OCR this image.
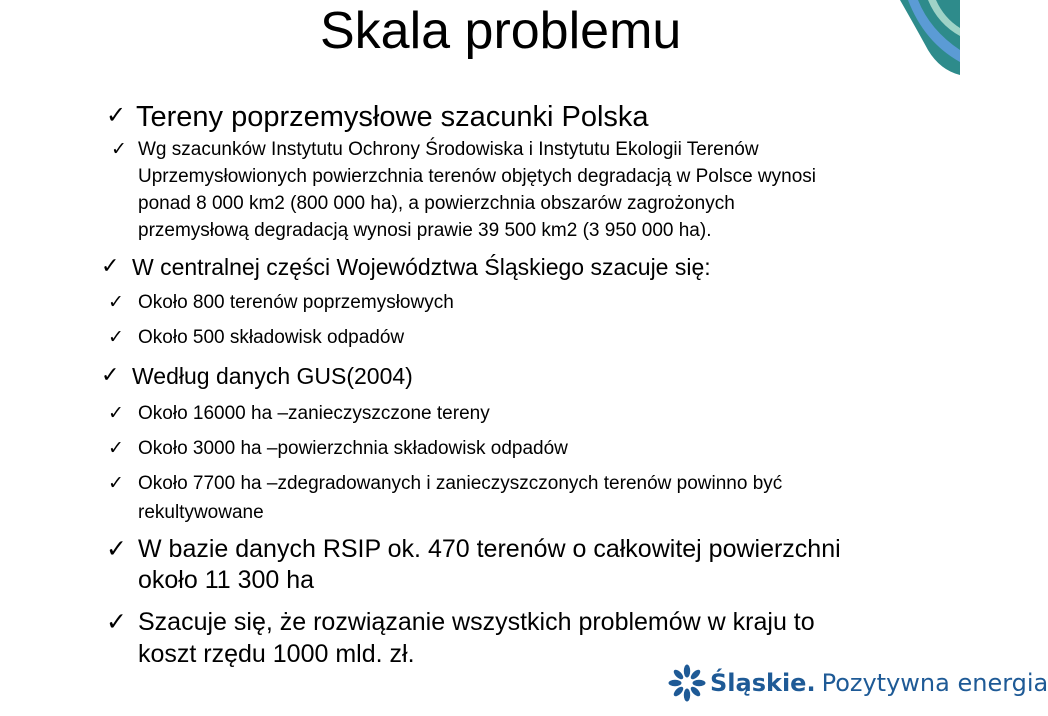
Skala problemu
✓ Tereny poprzemysłowe szacunki Polska
✓ Wg szacunków Instytutu Ochrony Środowiska i Instytutu Ekologii Terenów
Uprzemysłowionych powierzchnia terenów objętych degradacją w Polsce wynosi
ponad 8 000 km2 (800 000 ha), a powierzchnia obszarów zagrożonych
przemysłową degradacją wynosi prawie 39 500 km2 (3 950 000 ha).
✓ W centralnej części Województwa Śląskiego szacuje się:
✓ Około 800 terenów poprzemysłowych
✓ Około 500 składowisk odpadów
✓ Według danych GUS(2004)
✓ Około 16000 ha –zanieczyszczone tereny
✓ Około 3000 ha –powierzchnia składowisk odpadów
✓ Około 7700 ha –zdegradowanych i zanieczyszczonych terenów powinno być
rekultywowane
✓ W bazie danych RSIP ok. 470 terenów o całkowitej powierzchni
około 11 300 ha
✓ Szacuje się, że rozwiązanie wszystkich problemów w kraju to
koszt rzędu 1000 mld. zł.
Śląskie. Pozytywna energia
